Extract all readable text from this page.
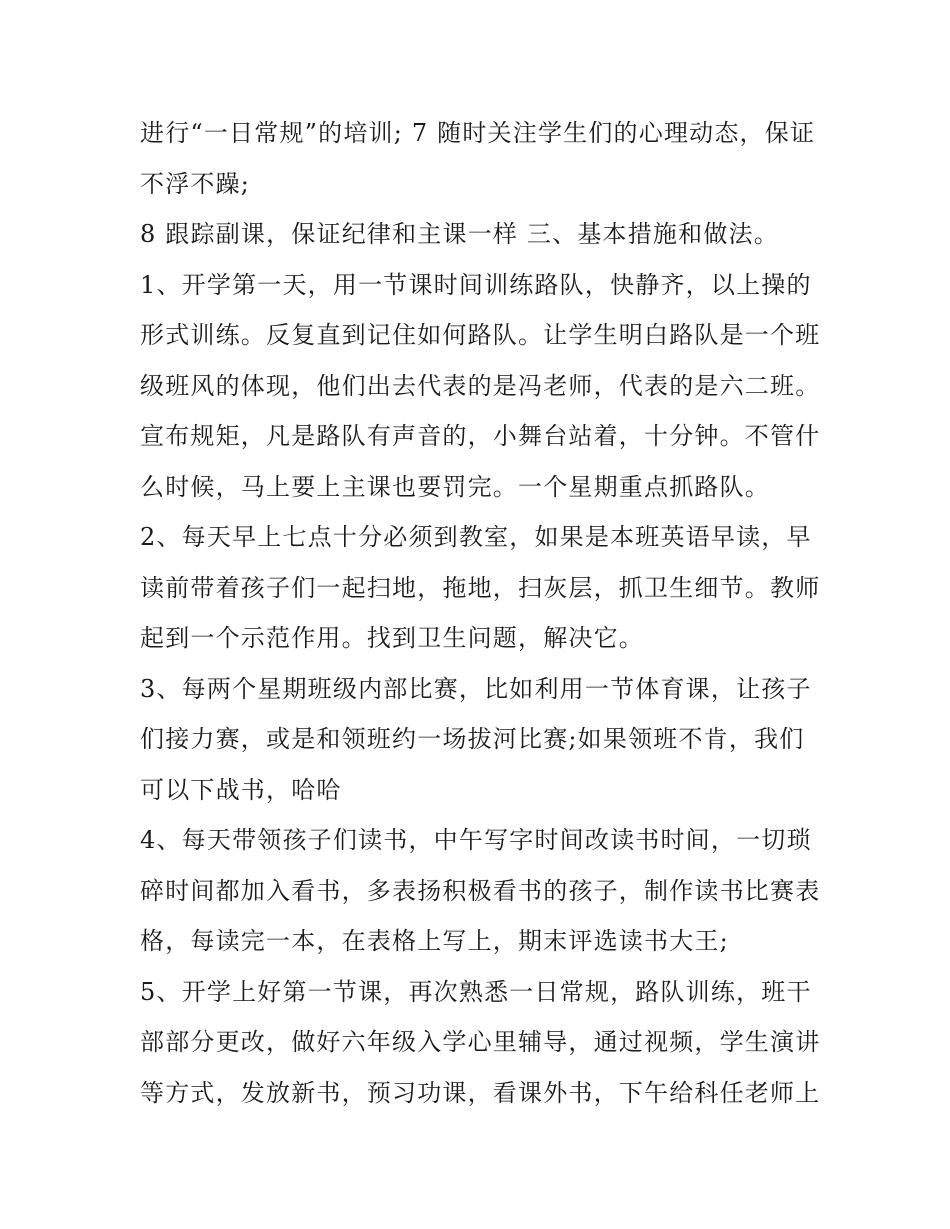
进行“一日常规”的培训; 7 随时关注学生们的心理动态，保证
不浮不躁;
8 跟踪副课，保证纪律和主课一样 三、基本措施和做法。
1、开学第一天，用一节课时间训练路队，快静齐，以上操的
形式训练。反复直到记住如何路队。让学生明白路队是一个班
级班风的体现，他们出去代表的是冯老师，代表的是六二班。
宣布规矩，凡是路队有声音的，小舞台站着，十分钟。不管什
么时候，马上要上主课也要罚完。一个星期重点抓路队。
2、每天早上七点十分必须到教室，如果是本班英语早读，早
读前带着孩子们一起扫地，拖地，扫灰层，抓卫生细节。教师
起到一个示范作用。找到卫生问题，解决它。
3、每两个星期班级内部比赛，比如利用一节体育课，让孩子
们接力赛，或是和领班约一场拔河比赛;如果领班不肯，我们
可以下战书，哈哈
4、每天带领孩子们读书，中午写字时间改读书时间，一切琐
碎时间都加入看书，多表扬积极看书的孩子，制作读书比赛表
格，每读完一本，在表格上写上，期末评选读书大王;
5、开学上好第一节课，再次熟悉一日常规，路队训练，班干
部部分更改，做好六年级入学心里辅导，通过视频，学生演讲
等方式，发放新书，预习功课，看课外书，下午给科任老师上
